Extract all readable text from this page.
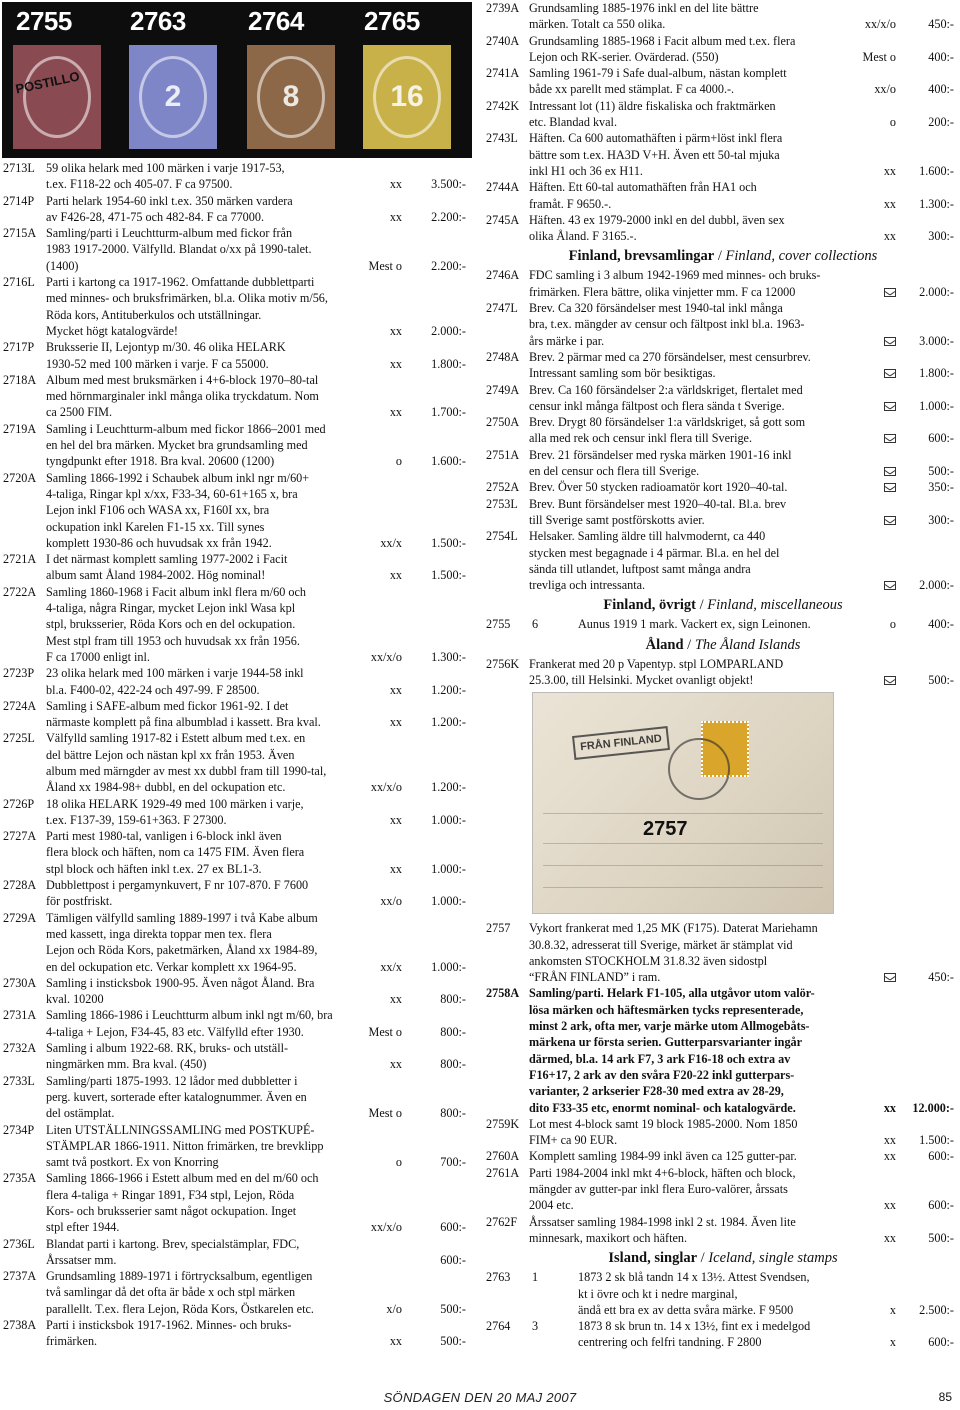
2755 2763 2764 2765
POSTILLO	2	8	16
2713L 59 olika helark med 100 märken i varje 1917-53,
t.ex. F118-22 och 405-07. F ca 97500.	xx 3.500:-
2714P Parti helark 1954-60 inkl t.ex. 350 märken vardera
av F426-28, 471-75 och 482-84. F ca 77000.	xx 2.200:-
2715A Samling/parti i Leuchtturm-album med fickor från
1983 1917-2000. Välfylld. Blandat o/xx på 1990-talet.
(1400)	Mest o 2.200:-
2716L Parti i kartong ca 1917-1962. Omfattande dubblettparti
med minnes- och bruksfrimärken, bl.a. Olika motiv m/56,
Röda kors, Antituberkulos och utställningar.
Mycket högt katalogvärde!	xx 2.000:-
2717P Bruksserie II, Lejontyp m/30. 46 olika HELARK
1930-52 med 100 märken i varje. F ca 55000.	xx 1.800:-
2718A Album med mest bruksmärken i 4+6-block 1970–80-tal
med hörnmarginaler inkl många olika tryckdatum. Nom
ca 2500 FIM.	xx 1.700:-
2719A Samling i Leuchtturm-album med fickor 1866–2001 med
en hel del bra märken. Mycket bra grundsamling med
tyngdpunkt efter 1918. Bra kval. 20600 (1200)	o 1.600:-
2720A Samling 1866-1992 i Schaubek album inkl ngr m/60+
4-taliga, Ringar kpl x/xx, F33-34, 60-61+165 x, bra
Lejon inkl F106 och WASA xx, F160I xx, bra
ockupation inkl Karelen F1-15 xx. Till synes
komplett 1930-86 och huvudsak xx från 1942.	xx/x 1.500:-
2721A I det närmast komplett samling 1977-2002 i Facit
album samt Åland 1984-2002. Hög nominal!	xx 1.500:-
2722A Samling 1860-1968 i Facit album inkl flera m/60 och
4-taliga, några Ringar, mycket Lejon inkl Wasa kpl
stpl, bruksserier, Röda Kors och en del ockupation.
Mest stpl fram till 1953 och huvudsak xx från 1956.
F ca 17000 enligt inl.	xx/x/o 1.300:-
2723P 23 olika helark med 100 märken i varje 1944-58 inkl
bl.a. F400-02, 422-24 och 497-99. F 28500.	xx 1.200:-
2724A Samling i SAFE-album med fickor 1961-92. I det
närmaste komplett på fina albumblad i kassett. Bra kval.	xx 1.200:-
2725L Välfylld samling 1917-82 i Estett album med t.ex. en
del bättre Lejon och nästan kpl xx från 1953. Även
album med märngder av mest xx dubbl fram till 1990-tal,
Åland xx 1984-98+ dubbl, en del ockupation etc.	xx/x/o 1.200:-
2726P 18 olika HELARK 1929-49 med 100 märken i varje,
t.ex. F137-39, 159-61+363. F 27300.	xx 1.000:-
2727A Parti mest 1980-tal, vanligen i 6-block inkl även
flera block och häften, nom ca 1475 FIM. Även flera
stpl block och häften inkl t.ex. 27 ex BL1-3.	xx 1.000:-
2728A Dubblettpost i pergamynkuvert, F nr 107-870. F 7600
för postfriskt.	xx/o 1.000:-
2729A Tämligen välfylld samling 1889-1997 i två Kabe album
med kassett, inga direkta toppar men tex. flera
Lejon och Röda Kors, paketmärken, Åland xx 1984-89,
en del ockupation etc. Verkar komplett xx 1964-95.	xx/x 1.000:-
2730A Samling i insticksbok 1900-95. Även något Åland. Bra
kval. 10200	xx	800:-
2731A Samling 1866-1986 i Leuchtturm album inkl ngt m/60, bra
4-taliga + Lejon, F34-45, 83 etc. Välfylld efter 1930.	Mest o	800:-
2732A Samling i album 1922-68. RK, bruks- och utställ-
ningmärken mm. Bra kval. (450)	xx	800:-
2733L Samling/parti 1875-1993. 12 lådor med dubbletter i
perg. kuvert, sorterade efter katalognummer. Även en
del ostämplat.	Mest o	800:-
2734P Liten UTSTÄLLNINGSSAMLING med POSTKUPÉ-
STÄMPLAR 1866-1911. Nitton frimärken, tre brevklipp
samt två postkort. Ex von Knorring	o	700:-
2735A Samling 1866-1966 i Estett album med en del m/60 och
flera 4-taliga + Ringar 1891, F34 stpl, Lejon, Röda
Kors- och bruksserier samt något ockupation. Inget
stpl efter 1944.	xx/x/o	600:-
2736L Blandat parti i kartong. Brev, specialstämplar, FDC,
Årssatser mm.	600:-
2737A Grundsamling 1889-1971 i förtrycksalbum, egentligen
två samlingar då det ofta är både x och stpl märken
parallellt. T.ex. flera Lejon, Röda Kors, Östkarelen etc.	x/o	500:-
2738A Parti i insticksbok 1917-1962. Minnes- och bruks-
frimärken.	xx	500:-
2739A Grundsamling 1885-1976 inkl en del lite bättre
märken. Totalt ca 550 olika.	xx/x/o	450:-
2740A Grundsamling 1885-1968 i Facit album med t.ex. flera
Lejon och RK-serier. Ovärderad. (550)	Mest o	400:-
2741A Samling 1961-79 i Safe dual-album, nästan komplett
både xx parellt med stämplat. F ca 4000.-.	xx/o	400:-
2742K Intressant lot (11) äldre fiskaliska och fraktmärken
etc. Blandad kval.	o	200:-
2743L Häften. Ca 600 automathäften i pärm+löst inkl flera
bättre som t.ex. HA3D V+H. Även ett 50-tal mjuka
inkl H1 och 36 ex H11.	xx 1.600:-
2744A Häften. Ett 60-tal automathäften från HA1 och
framåt. F 9650.-.	xx 1.300:-
2745A Häften. 43 ex 1979-2000 inkl en del dubbl, även sex
olika Åland. F 3165.-.	xx	300:-
Finland, brevsamlingar / Finland, cover collections
2746A FDC samling i 3 album 1942-1969 med minnes- och bruks-
frimärken. Flera bättre, olika vinjetter mm. F ca 12000	2.000:-
2747L Brev. Ca 320 försändelser mest 1940-tal inkl många
bra, t.ex. mängder av censur och fältpost inkl bl.a. 1963-
års märke i par.	3.000:-
2748A Brev. 2 pärmar med ca 270 försändelser, mest censurbrev.
Intressant samling som bör besiktigas.	1.800:-
2749A Brev. Ca 160 försändelser 2:a världskriget, flertalet med
censur inkl många fältpost och flera sända t Sverige.	1.000:-
2750A Brev. Drygt 80 försändelser 1:a världskriget, så gott som
alla med rek och censur inkl flera till Sverige.	600:-
2751A Brev. 21 försändelser med ryska märken 1901-16 inkl
en del censur och flera till Sverige.	500:-
2752A Brev. Över 50 stycken radioamatör kort 1920–40-tal.	350:-
2753L Brev. Bunt försändelser mest 1920–40-tal. Bl.a. brev
till Sverige samt postförskotts avier.	300:-
2754L Helsaker. Samling äldre till halvmodernt, ca 440
stycken mest begagnade i 4 pärmar. Bl.a. en hel del
sända till utlandet, luftpost samt många andra
trevliga och intressanta.	2.000:-
Finland, övrigt / Finland, miscellaneous
2755 6	Aunus 1919 1 mark. Vackert ex, sign Leinonen.	o	400:-
Åland / The Åland Islands
2756K Frankerat med 20 p Vapentyp. stpl LOMPARLAND
25.3.00, till Helsinki. Mycket ovanligt objekt!	500:-
FRÅN FINLAND
2757
2757	Vykort frankerat med 1,25 MK (F175). Daterat Mariehamn
30.8.32, adresserat till Sverige, märket är stämplat vid
ankomsten STOCKHOLM 31.8.32 även sidostpl
“FRÅN FINLAND” i ram.	450:-
2758A Samling/parti. Helark F1-105, alla utgåvor utom valör-
lösa märken och häftesmärken tycks representerade,
minst 2 ark, ofta mer, varje märke utom Allmogebåts-
märkena ur första serien. Gutterparsvarianter ingår
därmed, bl.a. 14 ark F7, 3 ark F16-18 och extra av
F16+17, 2 ark av den svåra F20-22 inkl gutterpars-
varianter, 2 arkserier F28-30 med extra av 28-29,
dito F33-35 etc, enormt nominal- och katalogvärde.	xx 12.000:-
2759K Lot mest 4-block samt 19 block 1985-2000. Nom 1850
FIM+ ca 90 EUR.	xx 1.500:-
2760A Komplett samling 1984-99 inkl även ca 125 gutter-par.	xx	600:-
2761A Parti 1984-2004 inkl mkt 4+6-block, häften och block,
mängder av gutter-par inkl flera Euro-valörer, årssats
2004 etc.	xx	600:-
2762F Årssatser samling 1984-1998 inkl 2 st. 1984. Även lite
minnesark, maxikort och häften.	xx	500:-
Island, singlar / Iceland, single stamps
2763 1	1873 2 sk blå tandn 14 x 13½. Attest Svendsen,
kt i övre och kt i nedre marginal,
ändå ett bra ex av detta svåra märke. F 9500	x 2.500:-
2764 3	1873 8 sk brun tn. 14 x 13½, fint ex i medelgod
centrering och felfri tandning. F 2800	x	600:-
SÖNDAGEN DEN 20 MAJ 2007	85
